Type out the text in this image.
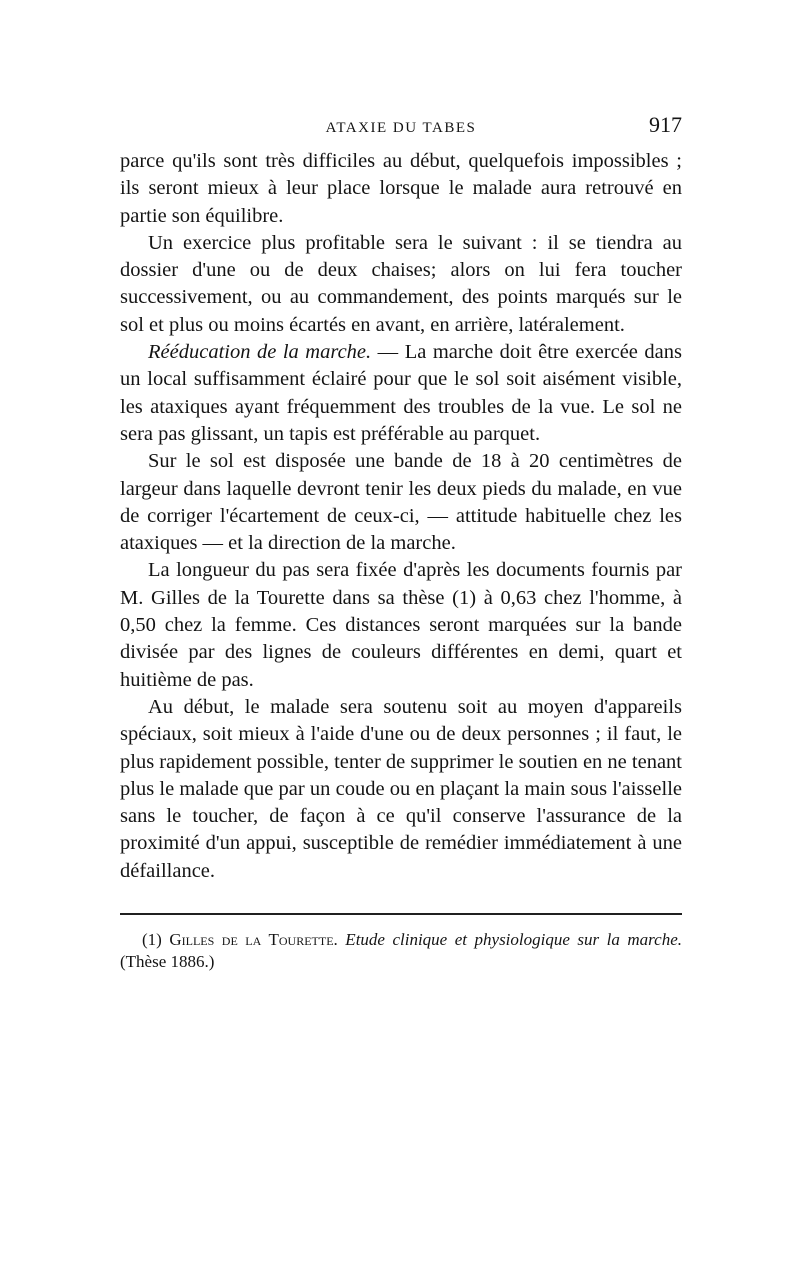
ATAXIE DU TABES	917

parce qu'ils sont très difficiles au début, quelquefois impossibles ; ils seront mieux à leur place lorsque le malade aura retrouvé en partie son équilibre.

Un exercice plus profitable sera le suivant : il se tiendra au dossier d'une ou de deux chaises; alors on lui fera toucher successivement, ou au commandement, des points marqués sur le sol et plus ou moins écartés en avant, en arrière, latéralement.

Rééducation de la marche. — La marche doit être exercée dans un local suffisamment éclairé pour que le sol soit aisément visible, les ataxiques ayant fréquemment des troubles de la vue. Le sol ne sera pas glissant, un tapis est préférable au parquet.

Sur le sol est disposée une bande de 18 à 20 centimètres de largeur dans laquelle devront tenir les deux pieds du malade, en vue de corriger l'écartement de ceux-ci, — attitude habituelle chez les ataxiques — et la direction de la marche.

La longueur du pas sera fixée d'après les documents fournis par M. Gilles de la Tourette dans sa thèse (1) à 0,63 chez l'homme, à 0,50 chez la femme. Ces distances seront marquées sur la bande divisée par des lignes de couleurs différentes en demi, quart et huitième de pas.

Au début, le malade sera soutenu soit au moyen d'appareils spéciaux, soit mieux à l'aide d'une ou de deux personnes ; il faut, le plus rapidement possible, tenter de supprimer le soutien en ne tenant plus le malade que par un coude ou en plaçant la main sous l'aisselle sans le toucher, de façon à ce qu'il conserve l'assurance de la proximité d'un appui, susceptible de remédier immédiatement à une défaillance.

(1) Gilles de la Tourette. Etude clinique et physiologique sur la marche. (Thèse 1886.)
